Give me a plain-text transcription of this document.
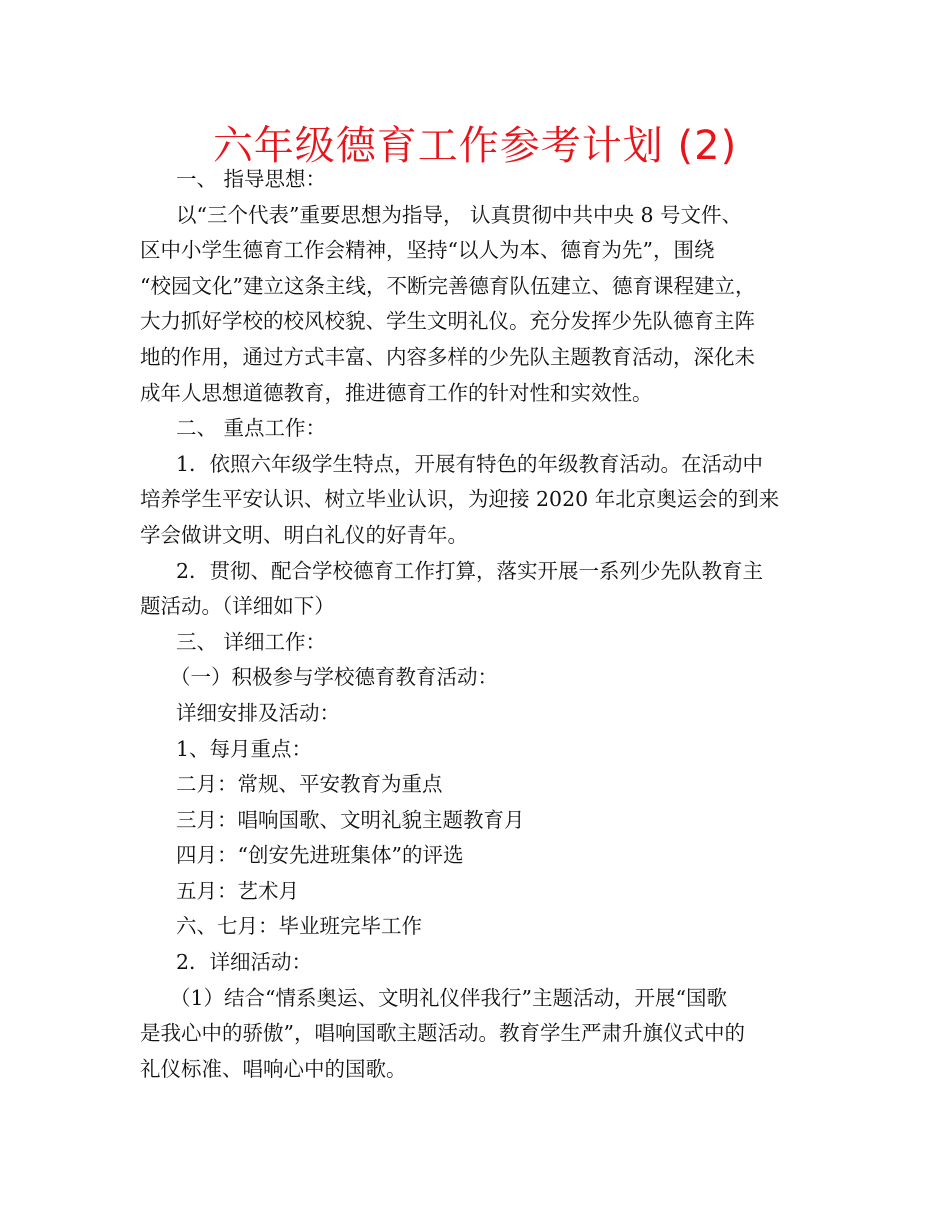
六年级德育工作参考计划 (2)

一、 指导思想：

以“三个代表”重要思想为指导， 认真贯彻中共中央 8 号文件、
区中小学生德育工作会精神，坚持“以人为本、德育为先”，围绕
“校园文化”建立这条主线，不断完善德育队伍建立、德育课程建立，
大力抓好学校的校风校貌、学生文明礼仪。充分发挥少先队德育主阵
地的作用，通过方式丰富、内容多样的少先队主题教育活动，深化未
成年人思想道德教育，推进德育工作的针对性和实效性。

二、 重点工作：

1．依照六年级学生特点，开展有特色的年级教育活动。在活动中
培养学生平安认识、树立毕业认识，为迎接 2020 年北京奥运会的到来
学会做讲文明、明白礼仪的好青年。
2．贯彻、配合学校德育工作打算，落实开展一系列少先队教育主
题活动。（详细如下）

三、 详细工作：

（一）积极参与学校德育教育活动：

详细安排及活动：

1、每月重点：

二月：常规、平安教育为重点
三月：唱响国歌、文明礼貌主题教育月
四月：“创安先进班集体”的评选
五月：艺术月
六、七月：毕业班完毕工作

2．详细活动：

（1）结合“情系奥运、文明礼仪伴我行”主题活动，开展“国歌
是我心中的骄傲”，唱响国歌主题活动。教育学生严肃升旗仪式中的
礼仪标准、唱响心中的国歌。
